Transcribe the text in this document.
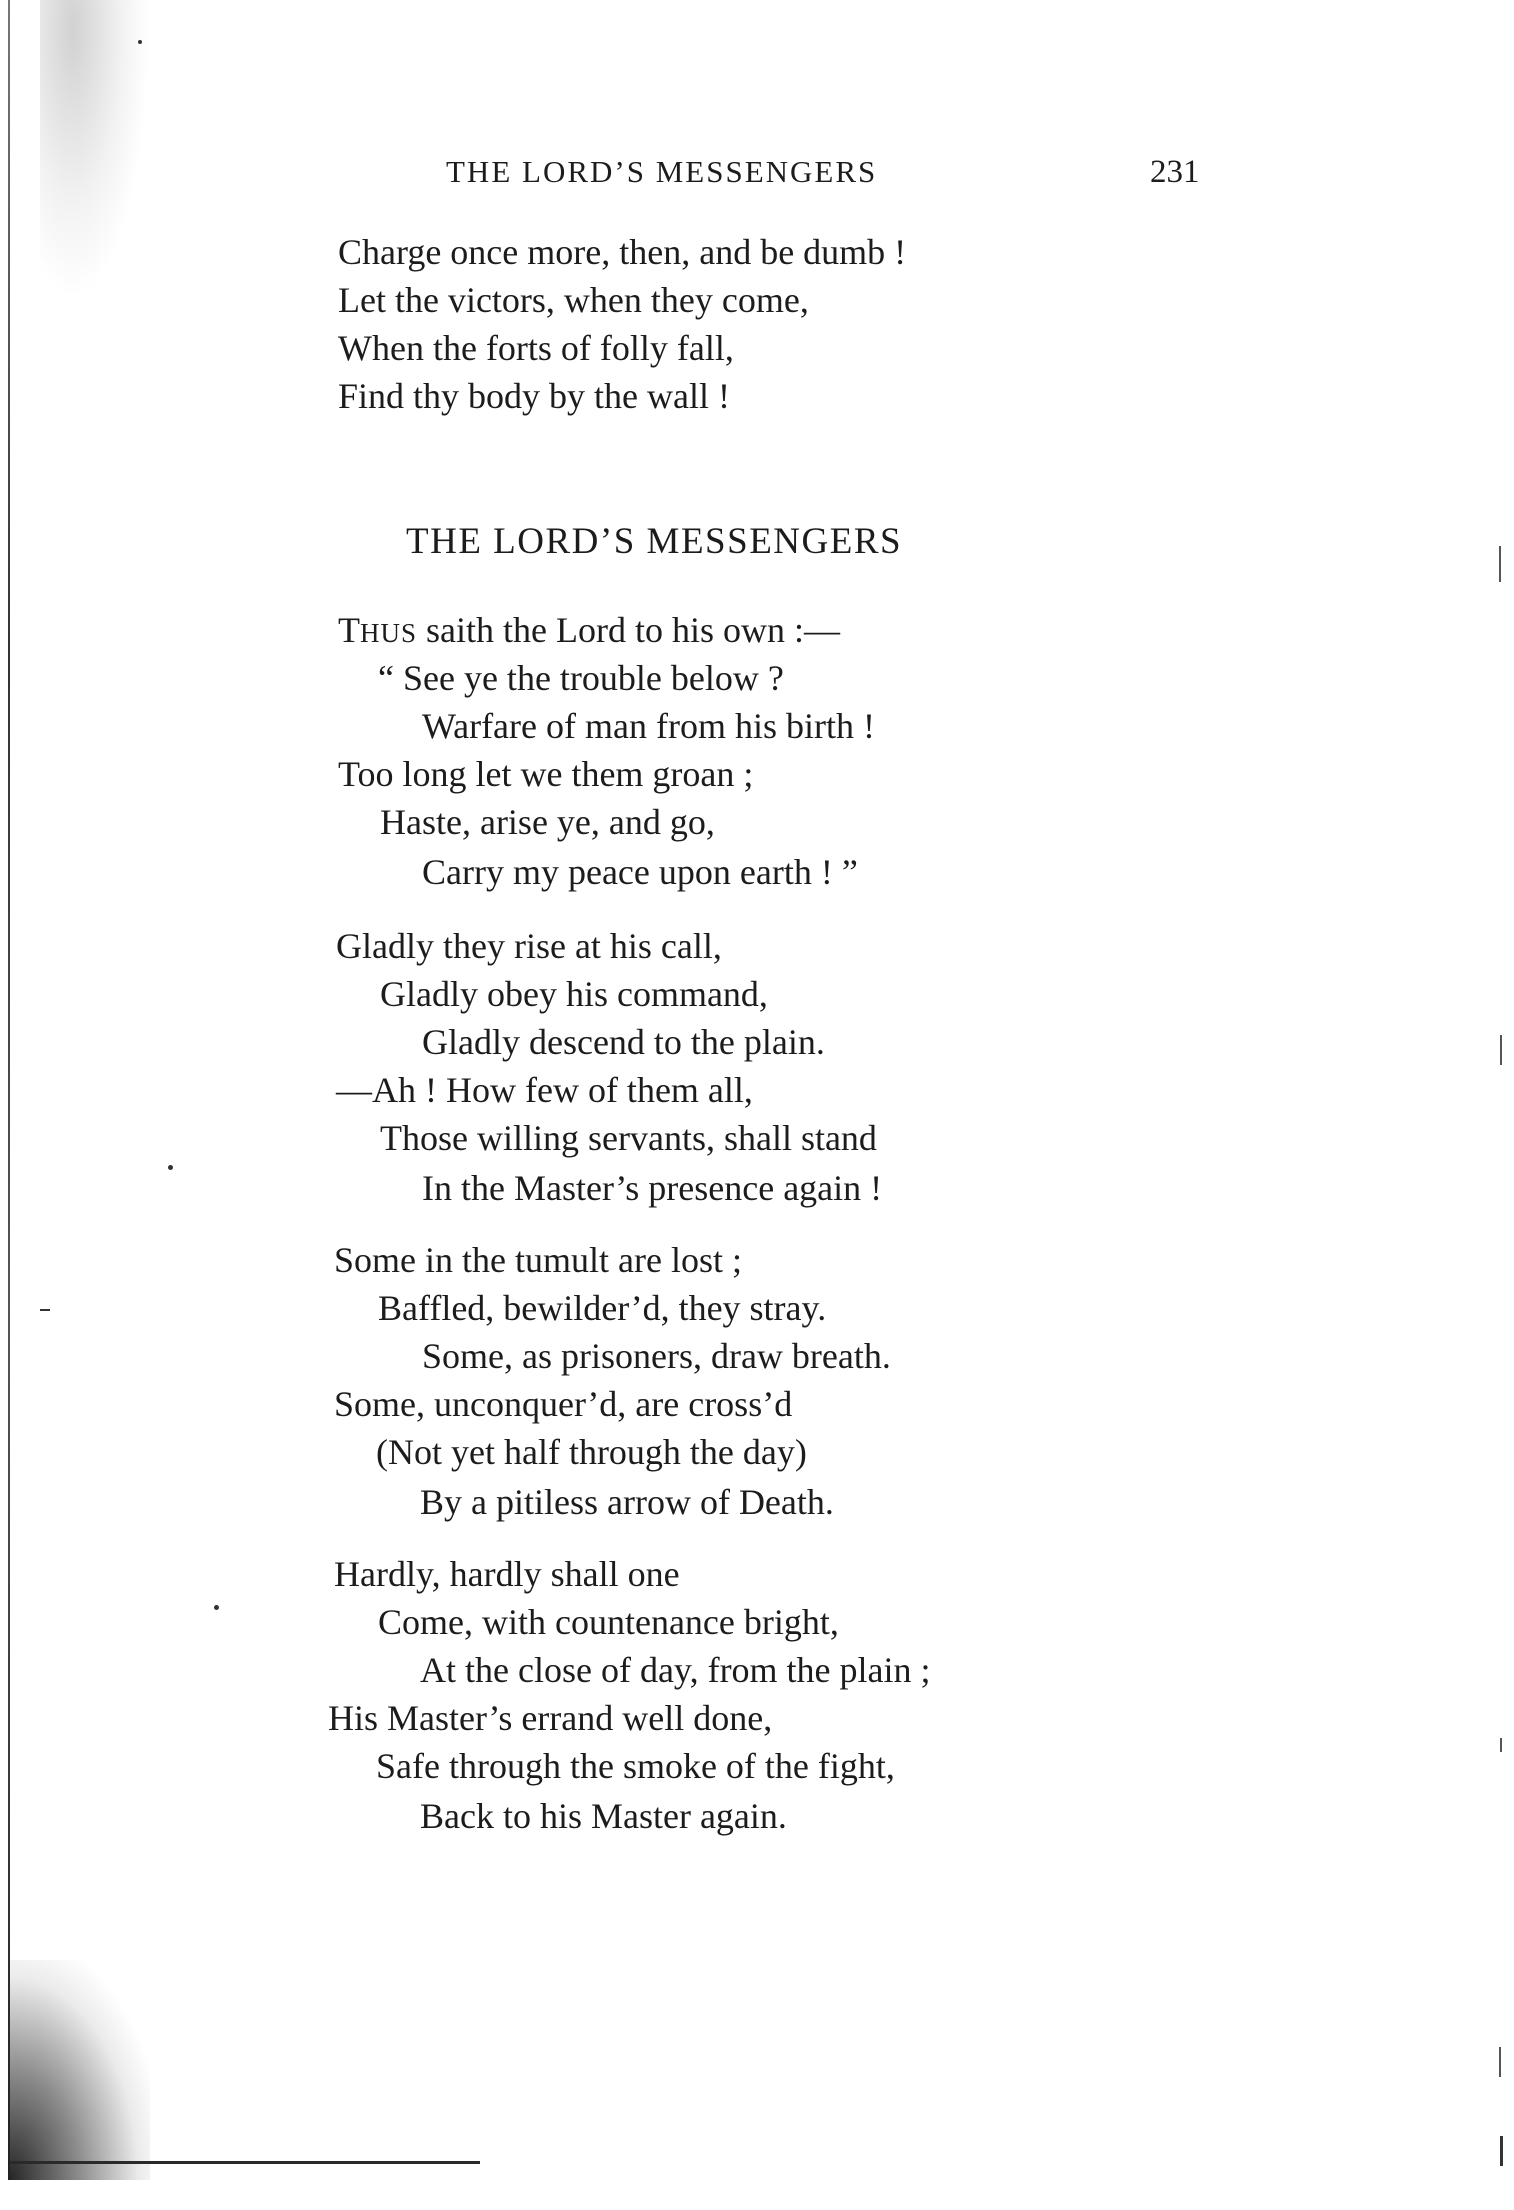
THE LORD’S MESSENGERS	231
Charge once more, then, and be dumb !
Let the victors, when they come,
When the forts of folly fall,
Find thy body by the wall !
THE LORD’S MESSENGERS
THUS saith the Lord to his own :—
“ See ye the trouble below ?
Warfare of man from his birth !
Too long let we them groan ;
Haste, arise ye, and go,
Carry my peace upon earth ! ”
Gladly they rise at his call,
Gladly obey his command,
Gladly descend to the plain.
—Ah ! How few of them all,
Those willing servants, shall stand
In the Master’s presence again !
Some in the tumult are lost ;
Baffled, bewilder’d, they stray.
Some, as prisoners, draw breath.
Some, unconquer’d, are cross’d
(Not yet half through the day)
By a pitiless arrow of Death.
Hardly, hardly shall one
Come, with countenance bright,
At the close of day, from the plain ;
His Master’s errand well done,
Safe through the smoke of the fight,
Back to his Master again.
